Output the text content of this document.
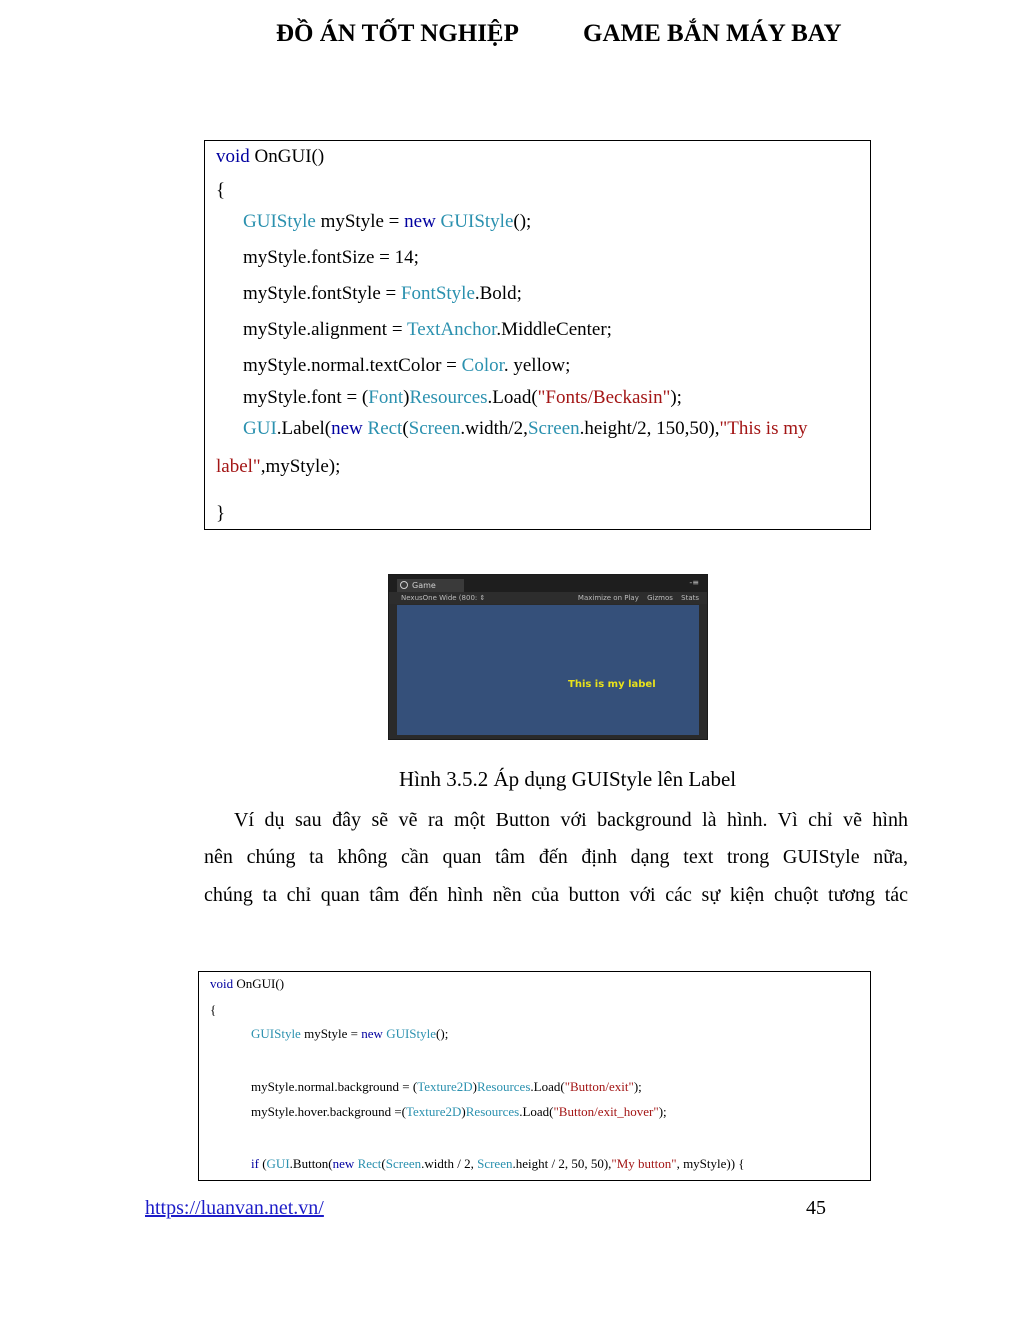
ĐỒ ÁN TỐT NGHIỆP	GAME BẮN MÁY BAY
void OnGUI()
{
GUIStyle myStyle = new GUIStyle();
myStyle.fontSize = 14;
myStyle.fontStyle = FontStyle.Bold;
myStyle.alignment = TextAnchor.MiddleCenter;
myStyle.normal.textColor = Color. yellow;
myStyle.font = (Font)Resources.Load("Fonts/Beckasin");
GUI.Label(new Rect(Screen.width/2,Screen.height/2, 150,50),"This is my
label",myStyle);
}
Game	-≡
NexusOne Wide (800: ⇕	Maximize on Play Gizmos Stats
This is my label
Hình 3.5.2 Áp dụng GUIStyle lên Label
Ví dụ sau đây sẽ vẽ ra một Button với background là hình. Vì chỉ vẽ hình
nên chúng ta không cần quan tâm đến định dạng text trong GUIStyle nữa,
chúng ta chỉ quan tâm đến hình nền của button với các sự kiện chuột tương tác
void OnGUI()
{
GUIStyle myStyle = new GUIStyle();
myStyle.normal.background = (Texture2D)Resources.Load("Button/exit");
myStyle.hover.background =(Texture2D)Resources.Load("Button/exit_hover");
if (GUI.Button(new Rect(Screen.width / 2, Screen.height / 2, 50, 50),"My button", myStyle)) {
https://luanvan.net.vn/	45
